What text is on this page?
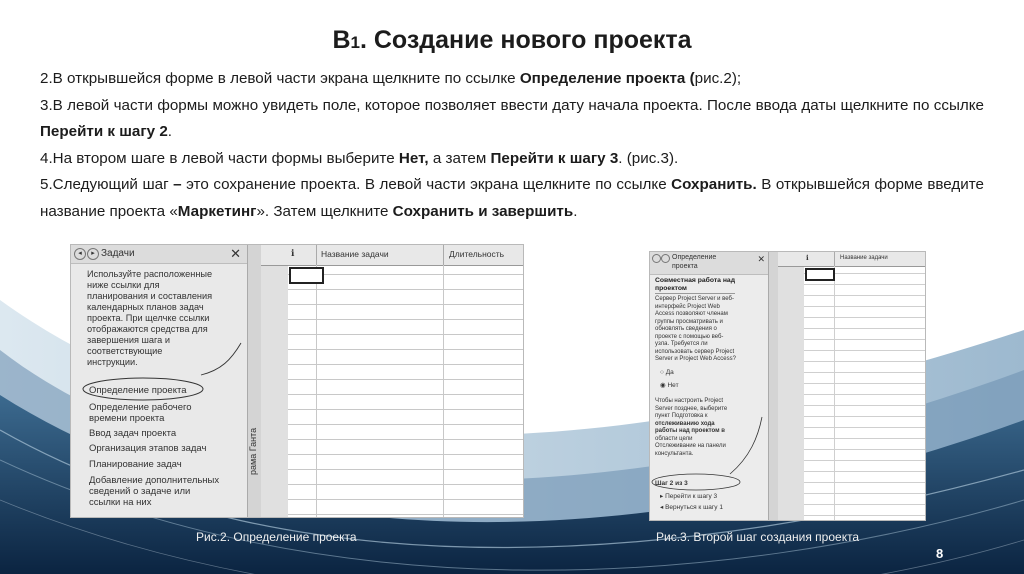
B1. Создание нового проекта

2.В открывшейся форме в левой части экрана щелкните по ссылке Определение проекта (рис.2);

3.В левой части формы можно увидеть поле, которое позволяет ввести дату начала проекта. После ввода даты щелкните по ссылке Перейти к шагу 2.

4.На втором шаге в левой части формы выберите Нет, а затем Перейти к шагу 3. (рис.3).

5.Следующий шаг – это сохранение проекта. В левой части экрана щелкните по ссылке Сохранить. В открывшейся форме введите название проекта «Маркетинг». Затем щелкните Сохранить и завершить.

◂	▸ Задачи	✕
Используйте расположенные
ниже ссылки для
планирования и составления
календарных планов задач
проекта. При щелчке ссылки
отображаются средства для
завершения шага и
соответствующие
инструкции.
Определение проекта
Определение рабочего
времени проекта
Ввод задач проекта
Организация этапов задач
Планирование задач
Добавление дополнительных
сведений о задаче или
ссылки на них
рама Ганта
ℹ	Название задачи	Длительность
Рис.2. Определение проекта
Определение
проекта
✕
Совместная работа над
проектом
Сервер Project Server и веб-
интерфейс Project Web
Access позволяют членам
группы просматривать и
обновлять сведения о
проекте с помощью веб-
узла. Требуется ли
использовать сервер Project
Server и Project Web Access?
○ Да
◉ Нет
Чтобы настроить Project
Server позднее, выберите
пункт Подготовка к
отслеживанию хода
работы над проектом в
области цели
Отслеживание на панели
консультанта.
Шаг 2 из 3
▸ Перейти к шагу 3
◂ Вернуться к шагу 1
ℹ	Название задачи
Рис.3. Второй шаг создания проекта
8
